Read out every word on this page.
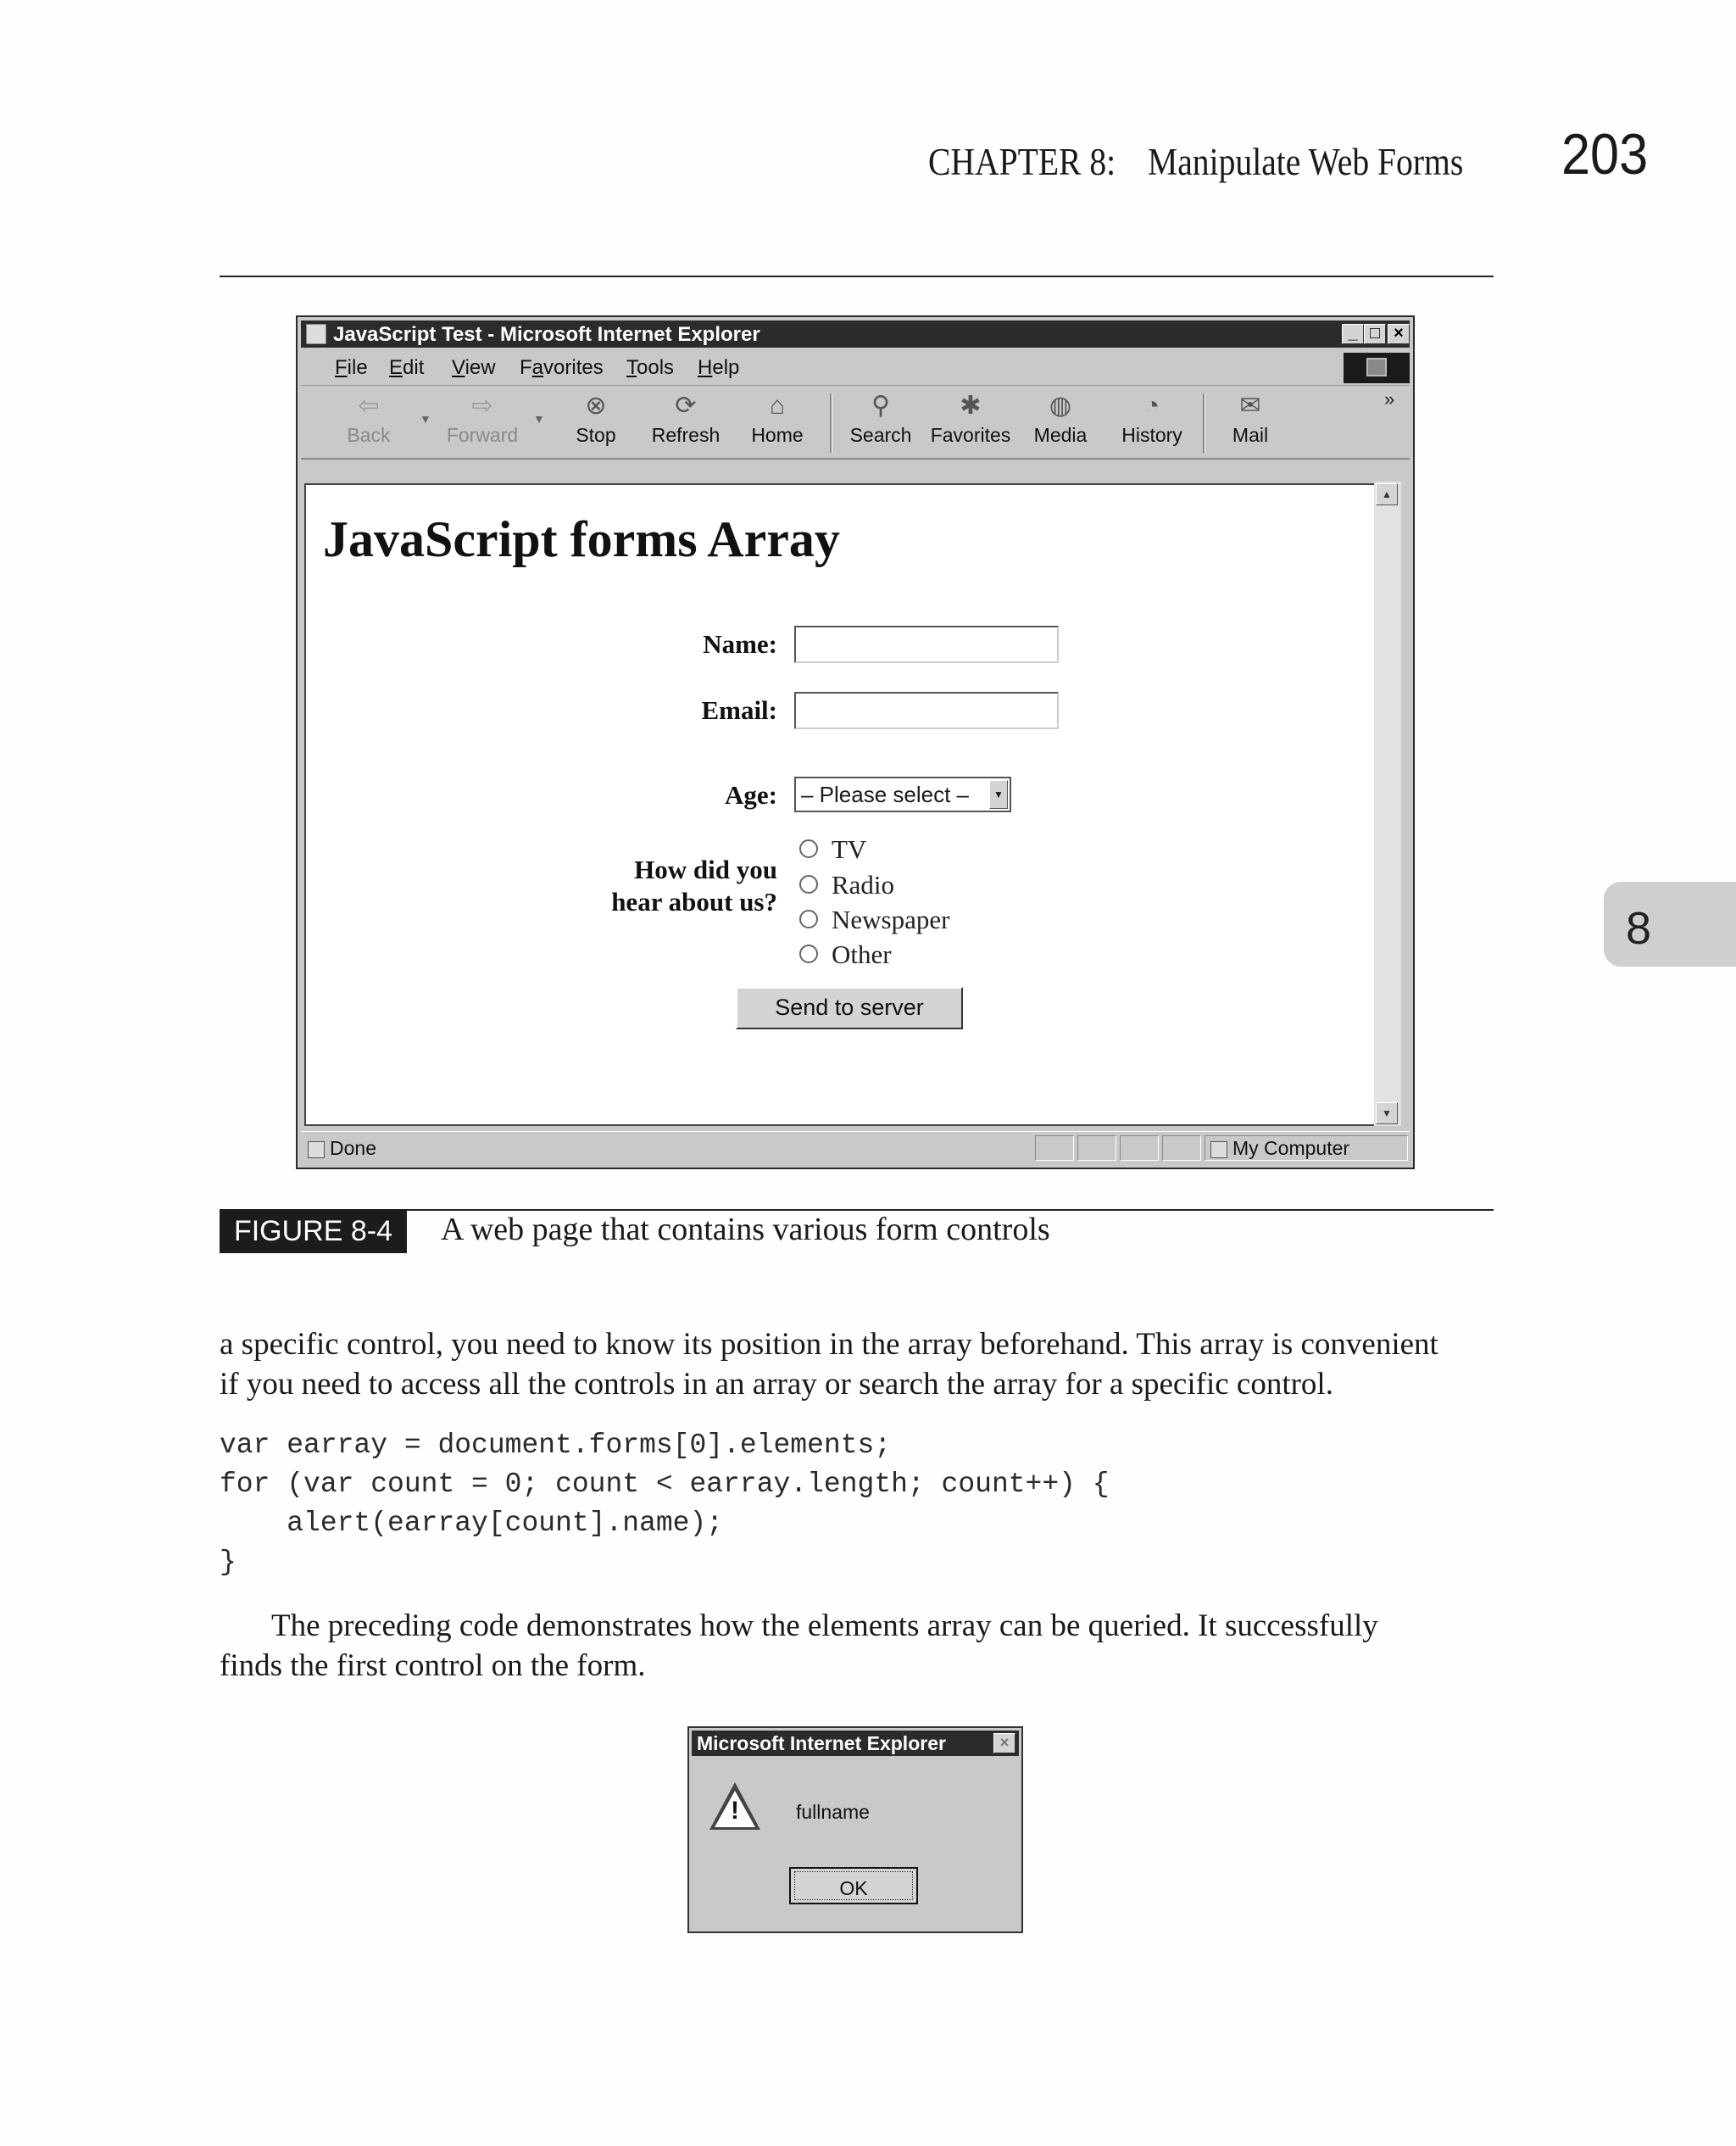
CHAPTER 8: Manipulate Web Forms 203
8
JavaScript Test - Microsoft Internet Explorer	_ □ ×
File Edit View Favorites Tools Help
⇦
Back
▼ ⇨
Forward
▼ ⊗
Stop
⟳
Refresh
⌂
Home
⚲
Search
✱
Favorites
◍
Media
◔
History
✉
Mail
»
JavaScript forms Array
Name:
Email:
Age: – Please select –	▼
How did you
hear about us?
TV
Radio
Newspaper
Other
Send to server
▲
▼
Done	My Computer
FIGURE 8-4	A web page that contains various form controls
a specific control, you need to know its position in the array beforehand. This array is convenient
if you need to access all the controls in an array or search the array for a specific control.
var earray = document.forms[0].elements;
for (var count = 0; count < earray.length; count++) {
alert(earray[count].name);
}
The preceding code demonstrates how the elements array can be queried. It successfully
finds the first control on the form.
Microsoft Internet Explorer	×
!	fullname
OK
